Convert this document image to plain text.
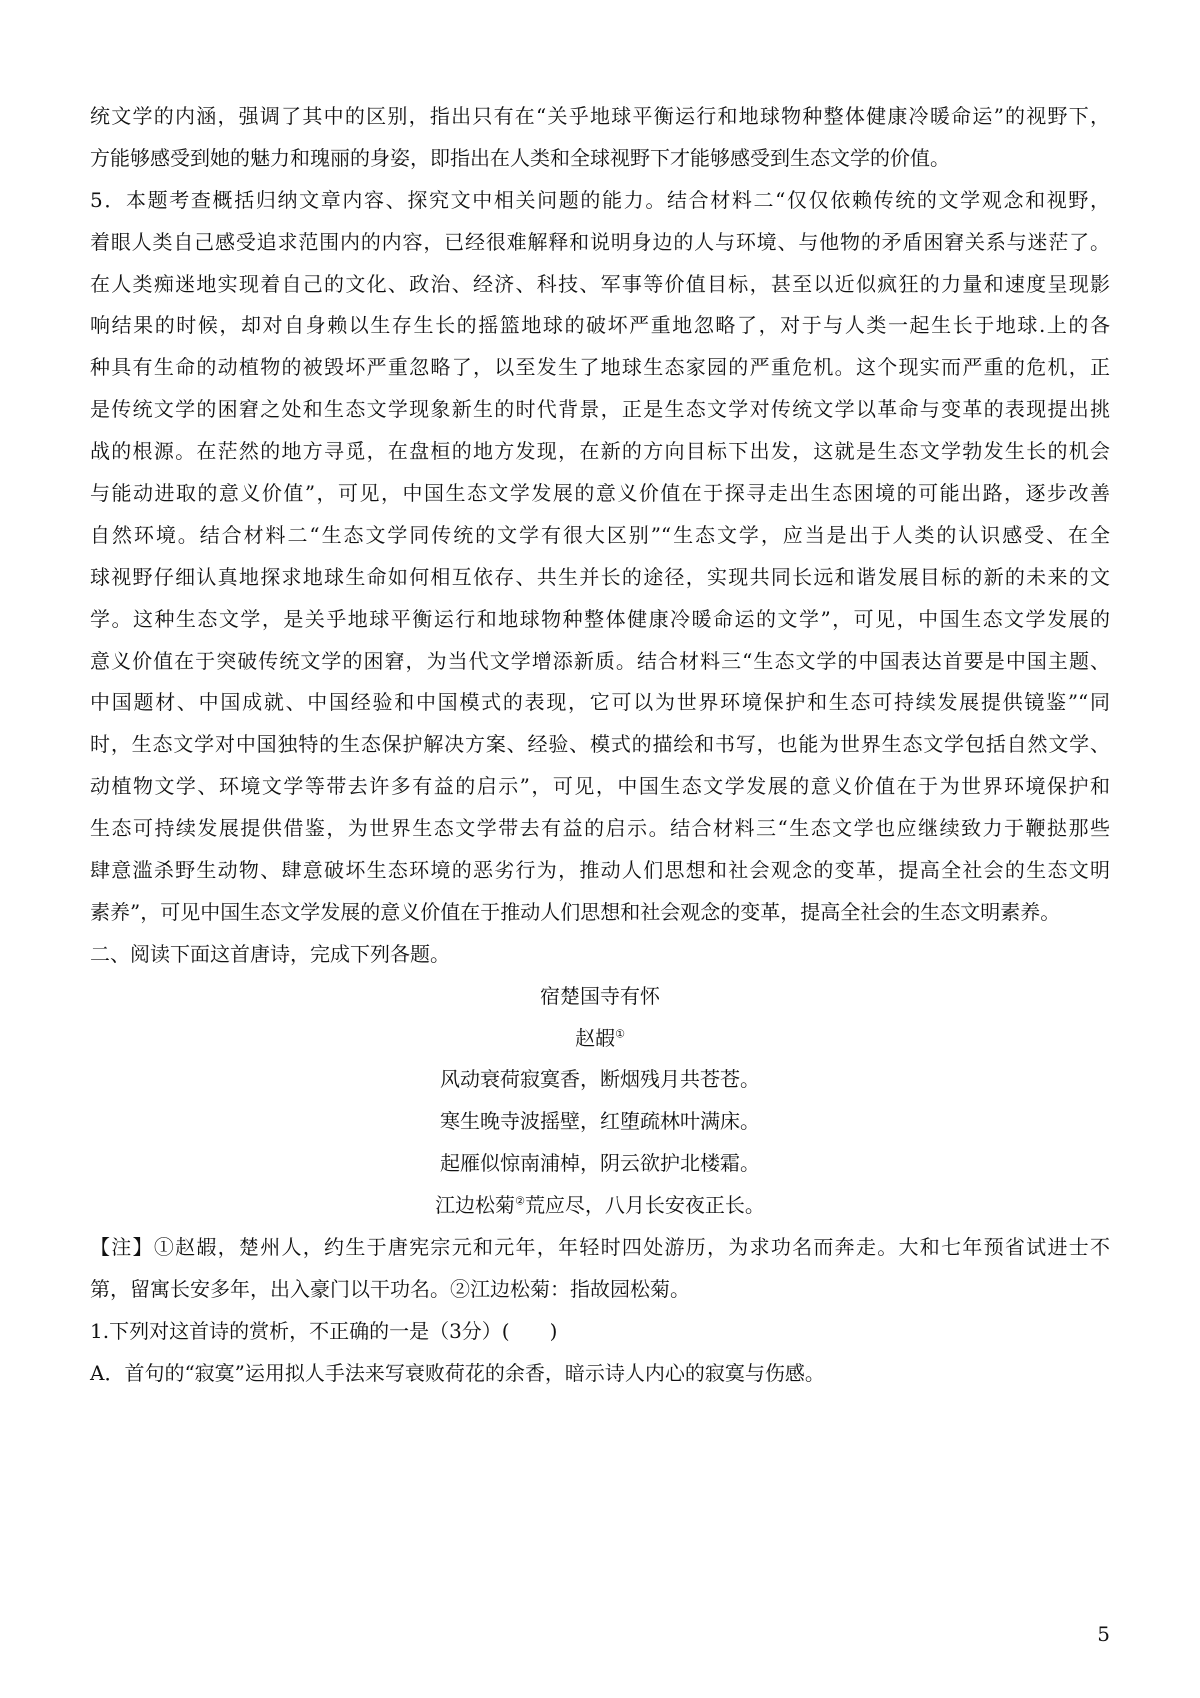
统文学的内涵，强调了其中的区别，指出只有在“关乎地球平衡运行和地球物种整体健康冷暖命运”的视野下，
方能够感受到她的魅力和瑰丽的身姿，即指出在人类和全球视野下才能够感受到生态文学的价值。
5．本题考查概括归纳文章内容、探究文中相关问题的能力。结合材料二“仅仅依赖传统的文学观念和视野，
着眼人类自己感受追求范围内的内容，已经很难解释和说明身边的人与环境、与他物的矛盾困窘关系与迷茫了。
在人类痴迷地实现着自己的文化、政治、经济、科技、军事等价值目标，甚至以近似疯狂的力量和速度呈现影
响结果的时候，却对自身赖以生存生长的摇篮地球的破坏严重地忽略了，对于与人类一起生长于地球.上的各
种具有生命的动植物的被毁坏严重忽略了，以至发生了地球生态家园的严重危机。这个现实而严重的危机，正
是传统文学的困窘之处和生态文学现象新生的时代背景，正是生态文学对传统文学以革命与变革的表现提出挑
战的根源。在茫然的地方寻觅，在盘桓的地方发现，在新的方向目标下出发，这就是生态文学勃发生长的机会
与能动进取的意义价值”，可见，中国生态文学发展的意义价值在于探寻走出生态困境的可能出路，逐步改善
自然环境。结合材料二“生态文学同传统的文学有很大区别”“生态文学，应当是出于人类的认识感受、在全
球视野仔细认真地探求地球生命如何相互依存、共生并长的途径，实现共同长远和谐发展目标的新的未来的文
学。这种生态文学，是关乎地球平衡运行和地球物种整体健康冷暖命运的文学”，可见，中国生态文学发展的
意义价值在于突破传统文学的困窘，为当代文学增添新质。结合材料三“生态文学的中国表达首要是中国主题、
中国题材、中国成就、中国经验和中国模式的表现，它可以为世界环境保护和生态可持续发展提供镜鉴”“同
时，生态文学对中国独特的生态保护解决方案、经验、模式的描绘和书写，也能为世界生态文学包括自然文学、
动植物文学、环境文学等带去许多有益的启示”，可见，中国生态文学发展的意义价值在于为世界环境保护和
生态可持续发展提供借鉴，为世界生态文学带去有益的启示。结合材料三“生态文学也应继续致力于鞭挞那些
肆意滥杀野生动物、肆意破坏生态环境的恶劣行为，推动人们思想和社会观念的变革，提高全社会的生态文明
素养”，可见中国生态文学发展的意义价值在于推动人们思想和社会观念的变革，提高全社会的生态文明素养。
二、阅读下面这首唐诗，完成下列各题。
宿楚国寺有怀
赵嘏①
风动衰荷寂寞香，断烟残月共苍苍。
寒生晚寺波摇壁，红堕疏林叶满床。
起雁似惊南浦棹，阴云欲护北楼霜。
江边松菊②荒应尽，八月长安夜正长。
【注】①赵嘏，楚州人，约生于唐宪宗元和元年，年轻时四处游历，为求功名而奔走。大和七年预省试进士不
第，留寓长安多年，出入豪门以干功名。②江边松菊：指故园松菊。
1.下列对这首诗的赏析，不正确的一是（3分）(　　)
A．首句的“寂寞”运用拟人手法来写衰败荷花的余香，暗示诗人内心的寂寞与伤感。
5
